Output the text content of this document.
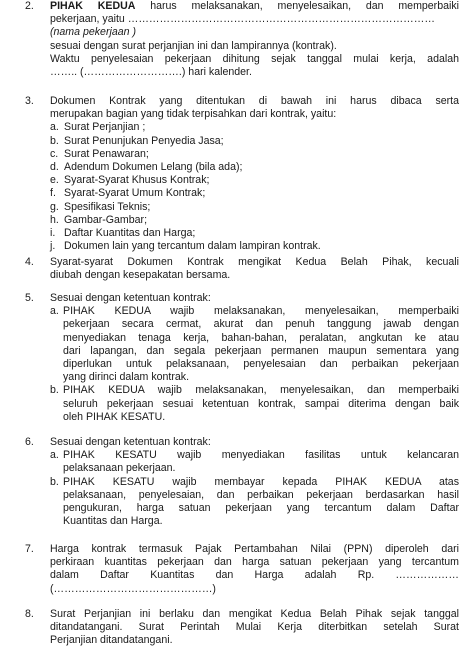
2. PIHAK KEDUA harus melaksanakan, menyelesaikan, dan memperbaiki
pekerjaan, yaitu ……………………………………………………………………………
(nama pekerjaan )
sesuai dengan surat perjanjian ini dan lampirannya (kontrak).
Waktu penyelesaian pekerjaan dihitung sejak tanggal mulai kerja, adalah
…….. (……………………….) hari kalender.
3. Dokumen Kontrak yang ditentukan di bawah ini harus dibaca serta
merupakan bagian yang tidak terpisahkan dari kontrak, yaitu:
a. Surat Perjanjian ;
b. Surat Penunjukan Penyedia Jasa;
c. Surat Penawaran;
d. Adendum Dokumen Lelang (bila ada);
e. Syarat-Syarat Khusus Kontrak;
f. Syarat-Syarat Umum Kontrak;
g. Spesifikasi Teknis;
h. Gambar-Gambar;
i. Daftar Kuantitas dan Harga;
j. Dokumen lain yang tercantum dalam lampiran kontrak.
4. Syarat-syarat Dokumen Kontrak mengikat Kedua Belah Pihak, kecuali
diubah dengan kesepakatan bersama.
5. Sesuai dengan ketentuan kontrak:
a. PIHAK KEDUA wajib melaksanakan, menyelesaikan, memperbaiki
pekerjaan secara cermat, akurat dan penuh tanggung jawab dengan
menyediakan tenaga kerja, bahan-bahan, peralatan, angkutan ke atau
dari lapangan, dan segala pekerjaan permanen maupun sementara yang
diperlukan untuk pelaksanaan, penyelesaian dan perbaikan pekerjaan
yang dirinci dalam kontrak.
b. PIHAK KEDUA wajib melaksanakan, menyelesaikan, dan memperbaiki
seluruh pekerjaan sesuai ketentuan kontrak, sampai diterima dengan baik
oleh PIHAK KESATU.
6. Sesuai dengan ketentuan kontrak:
a. PIHAK KESATU wajib menyediakan fasilitas untuk kelancaran
pelaksanaan pekerjaan.
b. PIHAK KESATU wajib membayar kepada PIHAK KEDUA atas
pelaksanaan, penyelesaian, dan perbaikan pekerjaan berdasarkan hasil
pengukuran, harga satuan pekerjaan yang tercantum dalam Daftar
Kuantitas dan Harga.
7. Harga kontrak termasuk Pajak Pertambahan Nilai (PPN) diperoleh dari
perkiraan kuantitas pekerjaan dan harga satuan pekerjaan yang tercantum
dalam Daftar Kuantitas dan Harga adalah Rp. ………………
(………………………………………)
8. Surat Perjanjian ini berlaku dan mengikat Kedua Belah Pihak sejak tanggal
ditandatangani. Surat Perintah Mulai Kerja diterbitkan setelah Surat
Perjanjian ditandatangani.
